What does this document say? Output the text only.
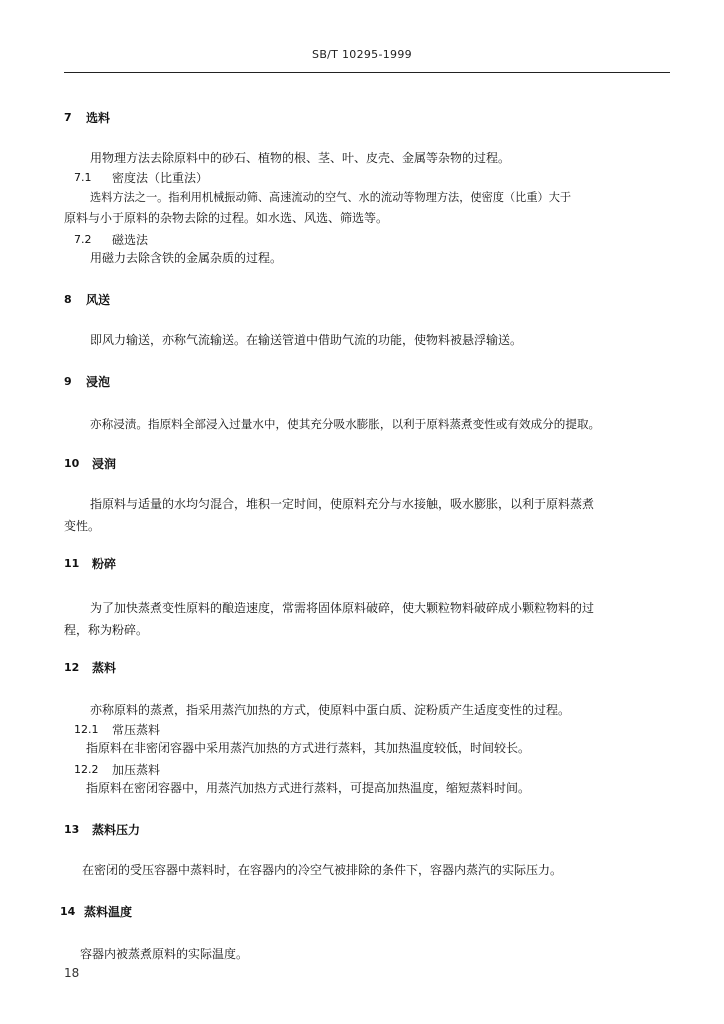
SB/T 10295-1999
7 选料
用物理方法去除原料中的砂石、植物的根、茎、叶、皮壳、金属等杂物的过程。
7.1 密度法（比重法）
选料方法之一。指利用机械振动筛、高速流动的空气、水的流动等物理方法，使密度（比重）大于
原料与小于原料的杂物去除的过程。如水选、风选、筛选等。
7.2 磁选法
用磁力去除含铁的金属杂质的过程。
8 风送
即风力输送，亦称气流输送。在输送管道中借助气流的功能，使物料被悬浮输送。
9 浸泡
亦称浸渍。指原料全部浸入过量水中，使其充分吸水膨胀，以利于原料蒸煮变性或有效成分的提取。
10 浸润
指原料与适量的水均匀混合，堆积一定时间，使原料充分与水接触，吸水膨胀，以利于原料蒸煮
变性。
11 粉碎
为了加快蒸煮变性原料的酿造速度，常需将固体原料破碎，使大颗粒物料破碎成小颗粒物料的过
程，称为粉碎。
12 蒸料
亦称原料的蒸煮，指采用蒸汽加热的方式，使原料中蛋白质、淀粉质产生适度变性的过程。
12.1 常压蒸料
指原料在非密闭容器中采用蒸汽加热的方式进行蒸料，其加热温度较低，时间较长。
12.2 加压蒸料
指原料在密闭容器中，用蒸汽加热方式进行蒸料，可提高加热温度，缩短蒸料时间。
13 蒸料压力
在密闭的受压容器中蒸料时，在容器内的冷空气被排除的条件下，容器内蒸汽的实际压力。
14 蒸料温度
容器内被蒸煮原料的实际温度。
18
